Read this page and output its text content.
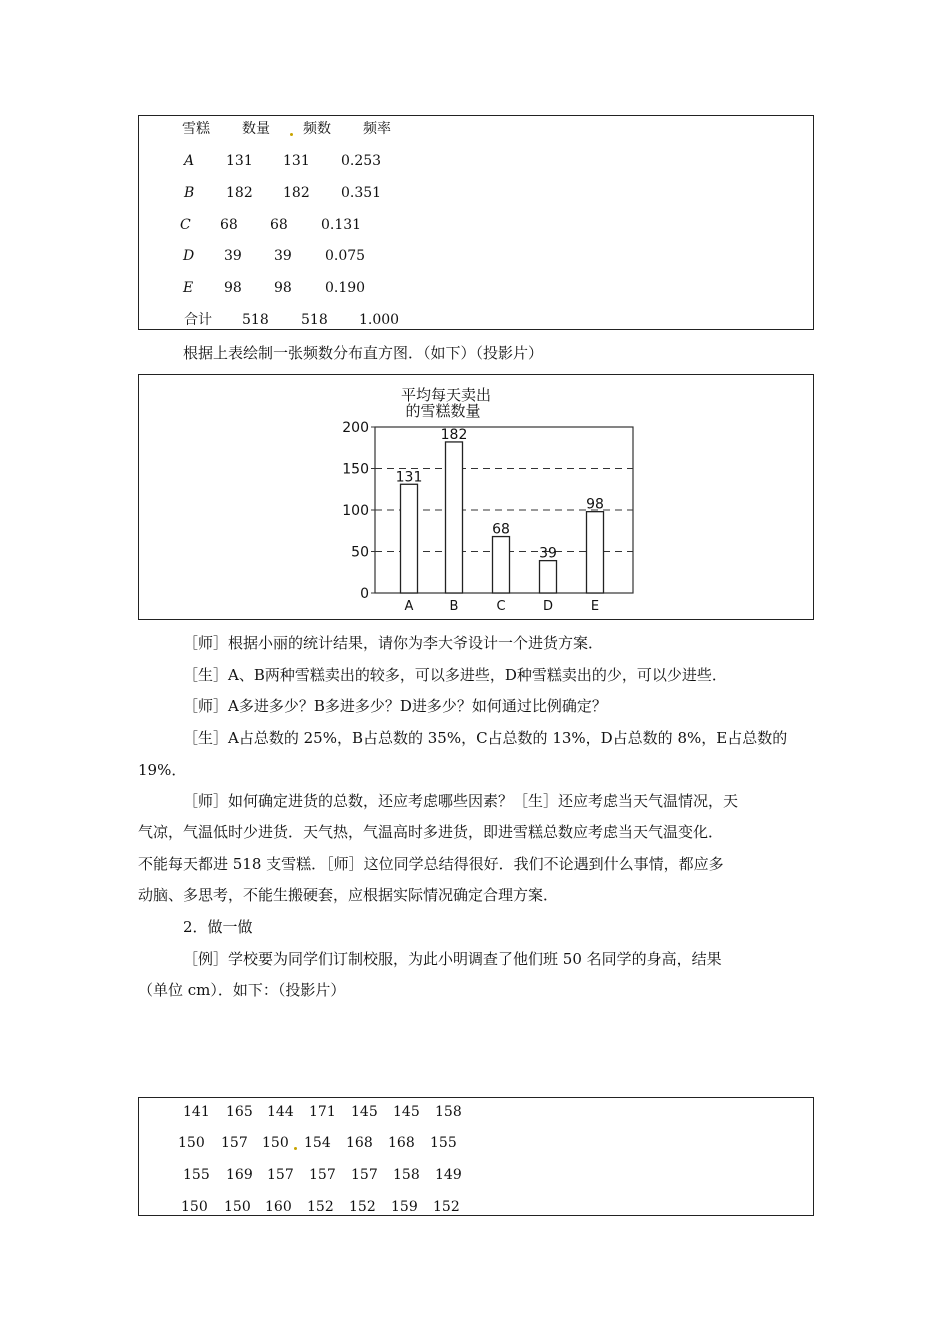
雪糕 数量 频数 频率
A 131 131 0.253
B 182 182 0.351
C 68 68 0.131
D 39 39 0.075
E 98 98 0.190
合计 518 518 1.000
根据上表绘制一张频数分布直方图．（如下）（投影片）
平均每天卖出
的雪糕数量
0
50
100
150
200
131
A
182
B
68
C
39
D
98
E
［师］根据小丽的统计结果，请你为李大爷设计一个进货方案．
［生］A、B两种雪糕卖出的较多，可以多进些，D种雪糕卖出的少，可以少进些．
［师］A多进多少？B多进多少？D进多少？如何通过比例确定？
［生］A占总数的 25%，B占总数的 35%，C占总数的 13%，D占总数的 8%，E占总数的
19%．
［师］如何确定进货的总数，还应考虑哪些因素？［生］还应考虑当天气温情况，天
气凉，气温低时少进货．天气热，气温高时多进货，即进雪糕总数应考虑当天气温变化．
不能每天都进 518 支雪糕．［师］这位同学总结得很好．我们不论遇到什么事情，都应多
动脑、多思考，不能生搬硬套，应根据实际情况确定合理方案．
2．做一做
［例］学校要为同学们订制校服，为此小明调查了他们班 50 名同学的身高，结果
（单位 cm）．如下：（投影片）
141 165 144 171 145 145 158
150 157 150 154 168 168 155
155 169 157 157 157 158 149
150 150 160 152 152 159 152
